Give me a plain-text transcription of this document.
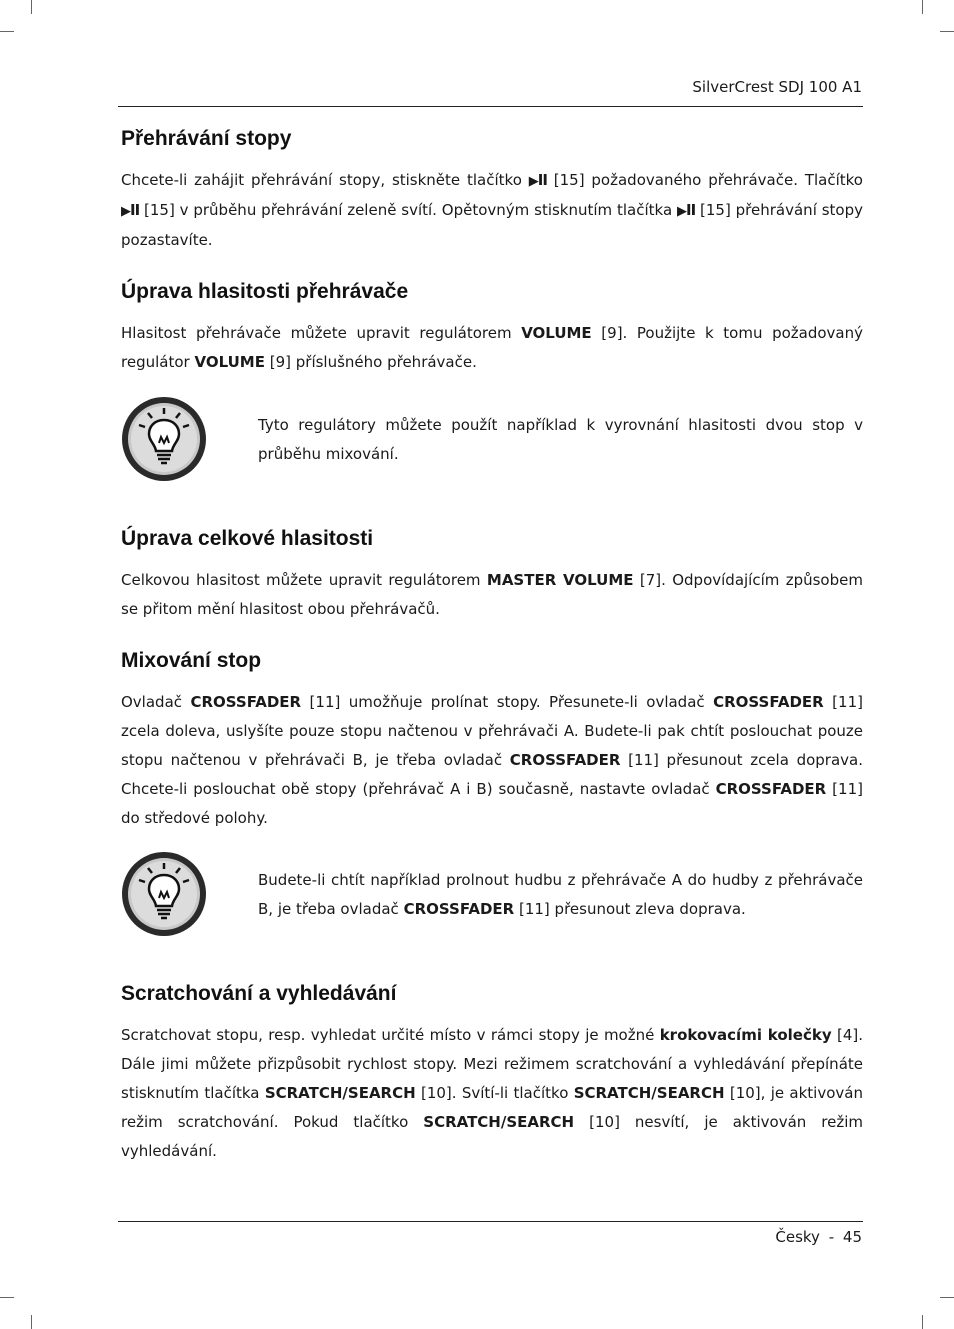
SilverCrest SDJ 100 A1
Přehrávání stopy

Chcete-li zahájit přehrávání stopy, stiskněte tlačítko ▶II [15] požadovaného přehrávače. Tlačítko ▶II [15] v průběhu přehrávání zeleně svítí. Opětovným stisknutím tlačítka ▶II [15] přehrávání stopy pozastavíte.

Úprava hlasitosti přehrávače

Hlasitost přehrávače můžete upravit regulátorem VOLUME [9]. Použijte k tomu požadovaný regulátor VOLUME [9] příslušného přehrávače.

Tyto regulátory můžete použít například k vyrovnání hlasitosti dvou stop v průběhu mixování.

Úprava celkové hlasitosti

Celkovou hlasitost můžete upravit regulátorem MASTER VOLUME [7]. Odpovídajícím způsobem se přitom mění hlasitost obou přehrávačů.

Mixování stop

Ovladač CROSSFADER [11] umožňuje prolínat stopy. Přesunete-li ovladač CROSSFADER [11] zcela doleva, uslyšíte pouze stopu načtenou v přehrávači A. Budete-li pak chtít poslouchat pouze stopu načtenou v přehrávači B, je třeba ovladač CROSSFADER [11] přesunout zcela doprava. Chcete-li poslouchat obě stopy (přehrávač A i B) současně, nastavte ovladač CROSSFADER [11] do středové polohy.

Budete-li chtít například prolnout hudbu z přehrávače A do hudby z přehrávače B, je třeba ovladač CROSSFADER [11] přesunout zleva doprava.

Scratchování a vyhledávání

Scratchovat stopu, resp. vyhledat určité místo v rámci stopy je možné krokovacími kolečky [4]. Dále jimi můžete přizpůsobit rychlost stopy. Mezi režimem scratchování a vyhledávání přepínáte stisknutím tlačítka SCRATCH/SEARCH [10]. Svítí-li tlačítko SCRATCH/SEARCH [10], je aktivován režim scratchování. Pokud tlačítko SCRATCH/SEARCH [10] nesvítí, je aktivován režim vyhledávání.

Česky - 45
